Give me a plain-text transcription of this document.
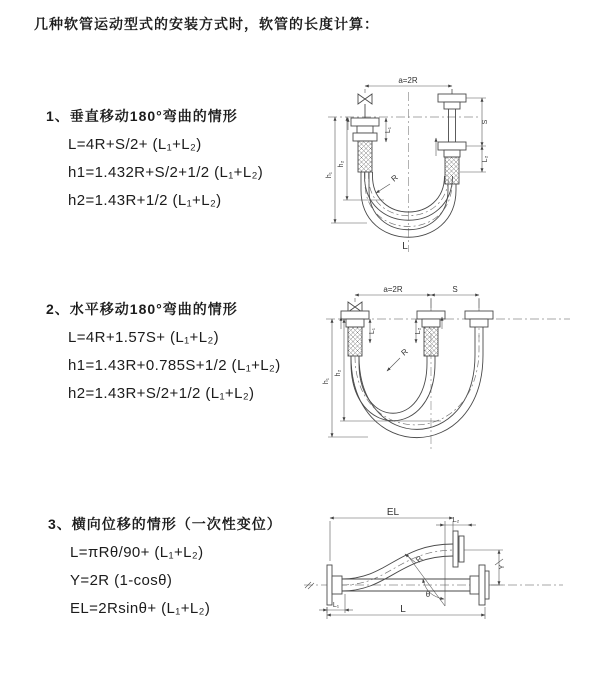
几种软管运动型式的安装方式时，软管的长度计算：
1、垂直移动180°弯曲的情形
L=4R+S/2+ (L₁+L₂)
h1=1.432R+S/2+1/2 (L₁+L₂)
h2=1.43R+1/2 (L₁+L₂)
a=2R
L₁
S
L₂
h₁
h₂
R
L
2、水平移动180°弯曲的情形
L=4R+1.57S+ (L₁+L₂)
h1=1.43R+0.785S+1/2 (L₁+L₂)
h2=1.43R+S/2+1/2 (L₁+L₂)
a=2R	S
L₁	L₂
h₁
h₂
R
3、横向位移的情形（一次性变位）
L=πRθ/90+ (L₁+L₂)
Y=2R (1-cosθ)
EL=2Rsinθ+ (L₁+L₂)
EL
L₂
θ
R
Y
L₁	L
